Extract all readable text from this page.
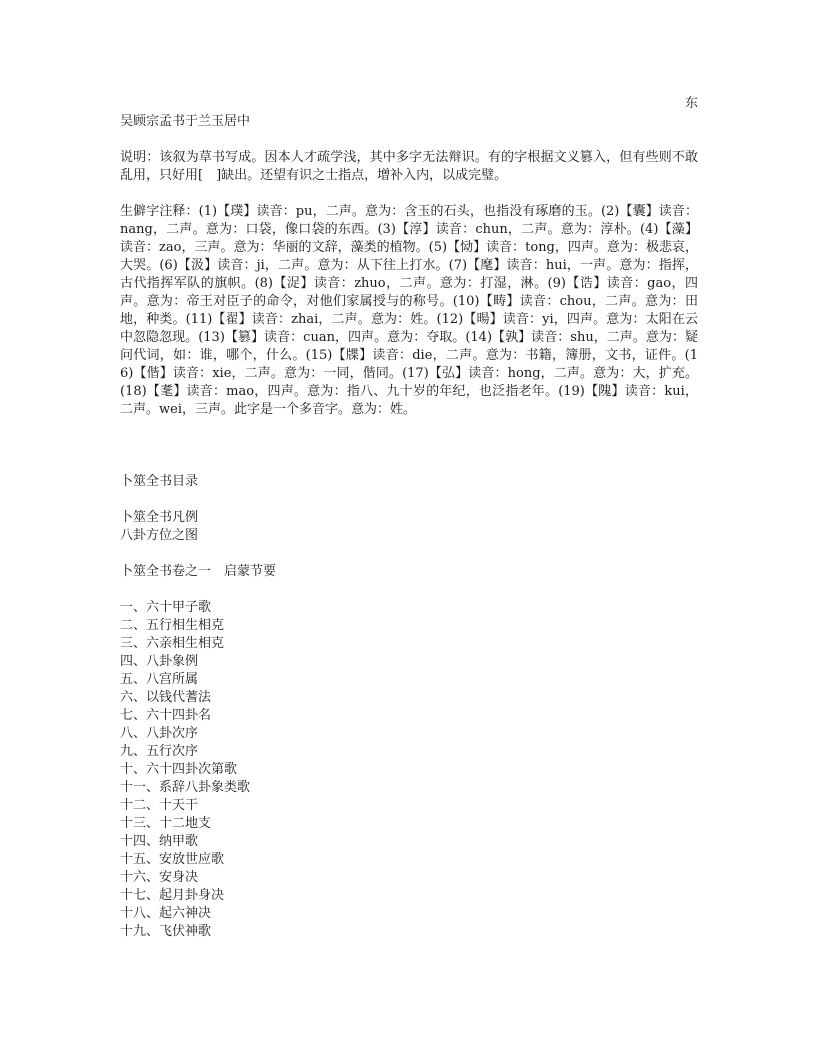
东
吴顾宗孟书于兰玉居中
说明：该叙为草书写成。因本人才疏学浅，其中多字无法辩识。有的字根据文义篡入，但有些则不敢乱用，只好用[　]缺出。还望有识之士指点，增补入内，以成完璧。
生僻字注释：(1)【璞】读音：pu，二声。意为：含玉的石头，也指没有琢磨的玉。(2)【囊】读音：nang，二声。意为：口袋，像口袋的东西。(3)【淳】读音：chun，二声。意为：淳朴。(4)【藻】读音：zao，三声。意为：华丽的文辞，藻类的植物。(5)【恸】读音：tong，四声。意为：极悲哀，大哭。(6)【汲】读音：ji，二声。意为：从下往上打水。(7)【麾】读音：hui，一声。意为：指挥，古代指挥军队的旗帜。(8)【浞】读音：zhuo，二声。意为：打湿，淋。(9)【诰】读音：gao，四声。意为：帝王对臣子的命令，对他们家属授与的称号。(10)【畴】读音：chou，二声。意为：田地，种类。(11)【翟】读音：zhai，二声。意为：姓。(12)【暘】读音：yi，四声。意为：太阳在云中忽隐忽现。(13)【篡】读音：cuan，四声。意为：夺取。(14)【孰】读音：shu，二声。意为：疑问代词，如：谁，哪个，什么。(15)【牒】读音：die，二声。意为：书籍，簿册，文书，证件。(16)【偕】读音：xie，二声。意为：一同，偕同。(17)【弘】读音：hong，二声。意为：大，扩充。(18)【耄】读音：mao，四声。意为：指八、九十岁的年纪，也泛指老年。(19)【隗】读音：kui，二声。wei，三声。此字是一个多音字。意为：姓。
卜筮全书目录
卜筮全书凡例
八卦方位之图
卜筮全书卷之一　启蒙节要
一、六十甲子歌
二、五行相生相克
三、六亲相生相克
四、八卦象例
五、八宫所属
六、以钱代蓍法
七、六十四卦名
八、八卦次序
九、五行次序
十、六十四卦次第歌
十一、系辞八卦象类歌
十二、十天干
十三、十二地支
十四、纳甲歌
十五、安放世应歌
十六、安身决
十七、起月卦身决
十八、起六神决
十九、飞伏神歌
